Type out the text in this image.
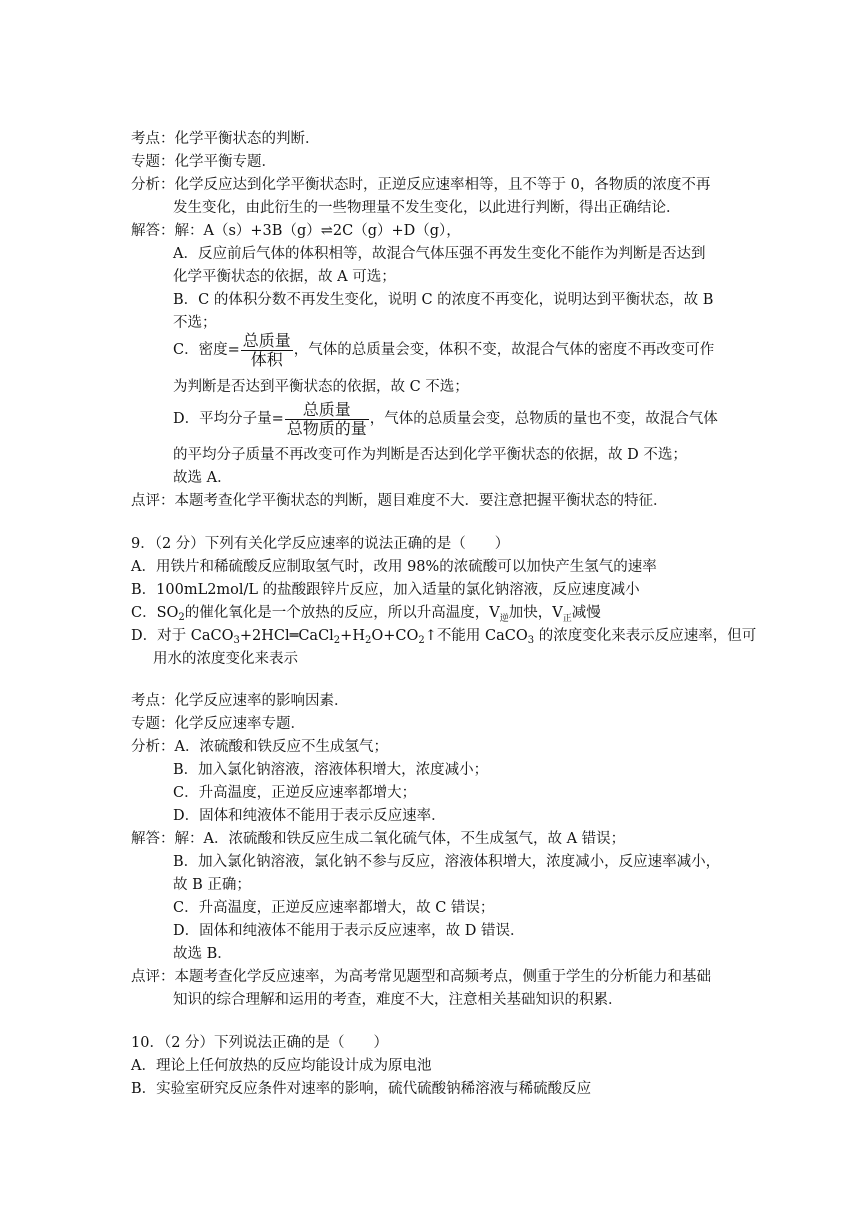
考点：化学平衡状态的判断．
专题：化学平衡专题．
分析：化学反应达到化学平衡状态时，正逆反应速率相等，且不等于 0，各物质的浓度不再
发生变化，由此衍生的一些物理量不发生变化，以此进行判断，得出正确结论．
解答：解：A（s）+3B（g）⇌2C（g）+D（g），
A．反应前后气体的体积相等，故混合气体压强不再发生变化不能作为判断是否达到
化学平衡状态的依据，故 A 可选；
B．C 的体积分数不再发生变化，说明 C 的浓度不再变化，说明达到平衡状态，故 B
不选；
C．密度= $\frac{\text{总质量}}{\text{体积}}$ ，气体的总质量会变，体积不变，故混合气体的密度不再改变可作
为判断是否达到平衡状态的依据，故 C 不选；
D．平均分子量= $\frac{\text{总质量}}{\text{总物质的量}}$ ，气体的总质量会变，总物质的量也不变，故混合气体
的平均分子质量不再改变可作为判断是否达到化学平衡状态的依据，故 D 不选；
故选 A．
点评：本题考查化学平衡状态的判断，题目难度不大．要注意把握平衡状态的特征．
9．（2 分）下列有关化学反应速率的说法正确的是（　　）
A．用铁片和稀硫酸反应制取氢气时，改用 98%的浓硫酸可以加快产生氢气的速率
B．100mL2mol/L 的盐酸跟锌片反应，加入适量的氯化钠溶液，反应速度减小
C．$SO_2$的催化氧化是一个放热的反应，所以升高温度，$V_逆$加快，$V_正$减慢
D．对于 $CaCO_3+2HCl═CaCl_2+H_2O+CO_2↑$不能用 CaCO$_3$ 的浓度变化来表示反应速率，但可
用水的浓度变化来表示
考点：化学反应速率的影响因素．
专题：化学反应速率专题．
分析：A．浓硫酸和铁反应不生成氢气；
B．加入氯化钠溶液，溶液体积增大，浓度减小；
C．升高温度，正逆反应速率都增大；
D．固体和纯液体不能用于表示反应速率．
解答：解：A．浓硫酸和铁反应生成二氧化硫气体，不生成氢气，故 A 错误；
B．加入氯化钠溶液，氯化钠不参与反应，溶液体积增大，浓度减小，反应速率减小，
故 B 正确；
C．升高温度，正逆反应速率都增大，故 C 错误；
D．固体和纯液体不能用于表示反应速率，故 D 错误．
故选 B．
点评：本题考查化学反应速率，为高考常见题型和高频考点，侧重于学生的分析能力和基础
知识的综合理解和运用的考查，难度不大，注意相关基础知识的积累．
10．（2 分）下列说法正确的是（　　）
A．理论上任何放热的反应均能设计成为原电池
B．实验室研究反应条件对速率的影响，硫代硫酸钠稀溶液与稀硫酸反应
